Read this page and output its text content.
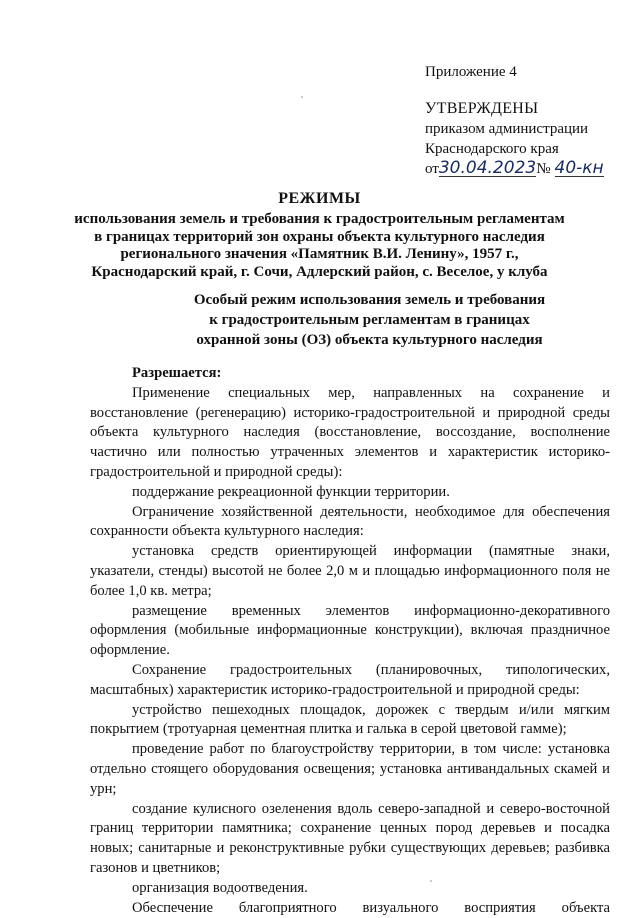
Приложение 4
УТВЕРЖДЕНЫ
приказом администрации
Краснодарского края
от30.04.2023№ 40-кн
РЕЖИМЫ
использования земель и требования к градостроительным регламентам
в границах территорий зон охраны объекта культурного наследия
регионального значения «Памятник В.И. Ленину», 1957 г.,
Краснодарский край, г. Сочи, Адлерский район, с. Веселое, у клуба
Особый режим использования земель и требования
к градостроительным регламентам в границах
охранной зоны (ОЗ) объекта культурного наследия

Разрешается:

Применение специальных мер, направленных на сохранение и восстановление (регенерацию) историко-градостроительной и природной среды объекта культурного наследия (восстановление, воссоздание, восполнение частично или полностью утраченных элементов и характеристик историко-градостроительной и природной среды):

поддержание рекреационной функции территории.

Ограничение хозяйственной деятельности, необходимое для обеспечения сохранности объекта культурного наследия:

установка средств ориентирующей информации (памятные знаки, указатели, стенды) высотой не более 2,0 м и площадью информационного поля не более 1,0 кв. метра;

размещение временных элементов информационно-декоративного оформления (мобильные информационные конструкции), включая праздничное оформление.

Сохранение градостроительных (планировочных, типологических, масштабных) характеристик историко-градостроительной и природной среды:

устройство пешеходных площадок, дорожек с твердым и/или мягким покрытием (тротуарная цементная плитка и галька в серой цветовой гамме);

проведение работ по благоустройству территории, в том числе: установка отдельно стоящего оборудования освещения; установка антивандальных скамей и урн;

создание кулисного озеленения вдоль северо-западной и северо-восточной границ территории памятника; сохранение ценных пород деревьев и посадка новых; санитарные и реконструктивные рубки существующих деревьев; разбивка газонов и цветников;

организация водоотведения.

Обеспечение благоприятного визуального восприятия объекта
